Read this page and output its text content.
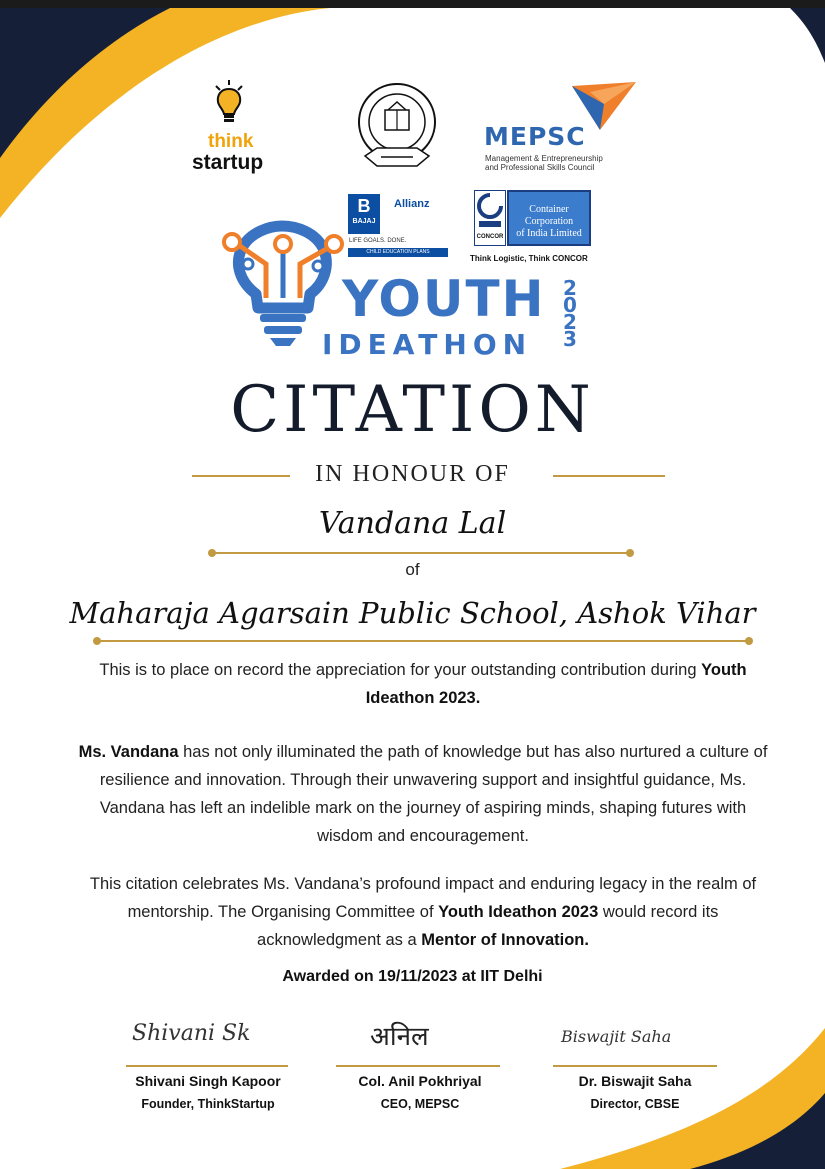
think
startup
MEPSC
Management & Entrepreneurship
and Professional Skills Council
B
BAJAJ
Allianz
LIFE GOALS. DONE.
CHILD EDUCATION PLANS
CONCOR
Container Corporation
of India Limited
Think Logistic, Think CONCOR
YOUTH
IDEATHON
2
0
2
3
CITATION
IN HONOUR OF
Vandana Lal
of
Maharaja Agarsain Public School, Ashok Vihar
This is to place on record the appreciation for your outstanding contribution during Youth Ideathon 2023.
Ms. Vandana has not only illuminated the path of knowledge but has also nurtured a culture of resilience and innovation. Through their unwavering support and insightful guidance, Ms. Vandana has left an indelible mark on the journey of aspiring minds, shaping futures with wisdom and encouragement.
This citation celebrates Ms. Vandana’s profound impact and enduring legacy in the realm of mentorship. The Organising Committee of Youth Ideathon 2023 would record its acknowledgment as a Mentor of Innovation.
Awarded on 19/11/2023 at IIT Delhi
Shivani Sk
Shivani Singh Kapoor
Founder, ThinkStartup
अनिल
Col. Anil Pokhriyal
CEO, MEPSC
Biswajit Saha
Dr. Biswajit Saha
Director, CBSE
